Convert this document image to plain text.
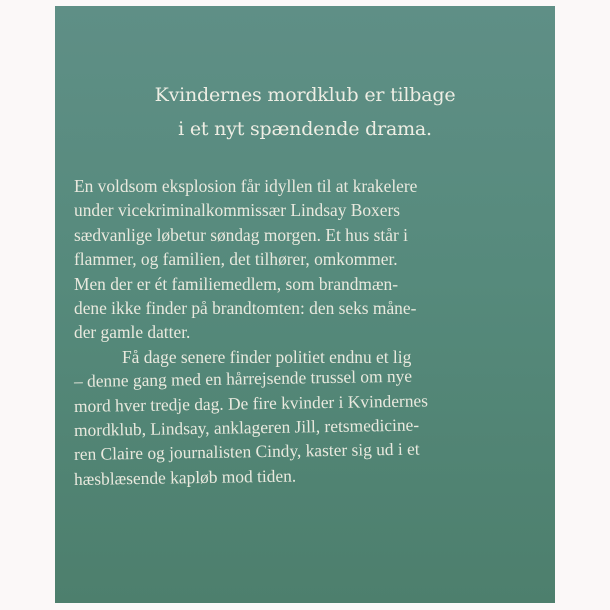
Kvindernes mordklub er tilbage
i et nyt spændende drama.
En voldsom eksplosion får idyllen til at krakelere
under vicekriminalkommissær Lindsay Boxers
sædvanlige løbetur søndag morgen. Et hus står i
flammer, og familien, det tilhører, omkommer.
Men der er ét familiemedlem, som brandmæn-
dene ikke finder på brandtomten: den seks måne-
der gamle datter.
Få dage senere finder politiet endnu et lig
– denne gang med en hårrejsende trussel om nye
mord hver tredje dag. De fire kvinder i Kvindernes
mordklub, Lindsay, anklageren Jill, retsmedicine-
ren Claire og journalisten Cindy, kaster sig ud i et
hæsblæsende kapløb mod tiden.
